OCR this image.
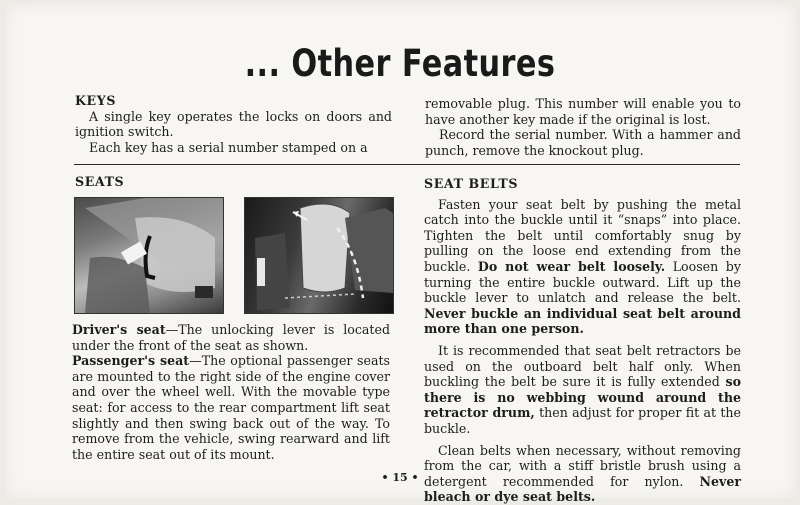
... Other Features

KEYS

A single key operates the locks on doors and ignition switch.

Each key has a serial number stamped on a

removable plug. This number will enable you to have another key made if the original is lost.

Record the serial number. With a hammer and punch, remove the knockout plug.

SEATS

Driver's seat—The unlocking lever is located under the front of the seat as shown.

Passenger's seat—The optional passenger seats are mounted to the right side of the engine cover and over the wheel well. With the movable type seat: for access to the rear compartment lift seat slightly and then swing back out of the way. To remove from the vehicle, swing rearward and lift the entire seat out of its mount.

SEAT BELTS

Fasten your seat belt by pushing the metal catch into the buckle until it “snaps” into place. Tighten the belt until comfortably snug by pulling on the loose end extending from the buckle. Do not wear belt loosely. Loosen by turning the entire buckle outward. Lift up the buckle lever to unlatch and release the belt. Never buckle an individual seat belt around more than one person.

It is recommended that seat belt retractors be used on the outboard belt half only. When buckling the belt be sure it is fully extended so there is no webbing wound around the retractor drum, then adjust for proper fit at the buckle.

Clean belts when necessary, without removing from the car, with a stiff bristle brush using a detergent recommended for nylon. Never bleach or dye seat belts.

• 15 •
